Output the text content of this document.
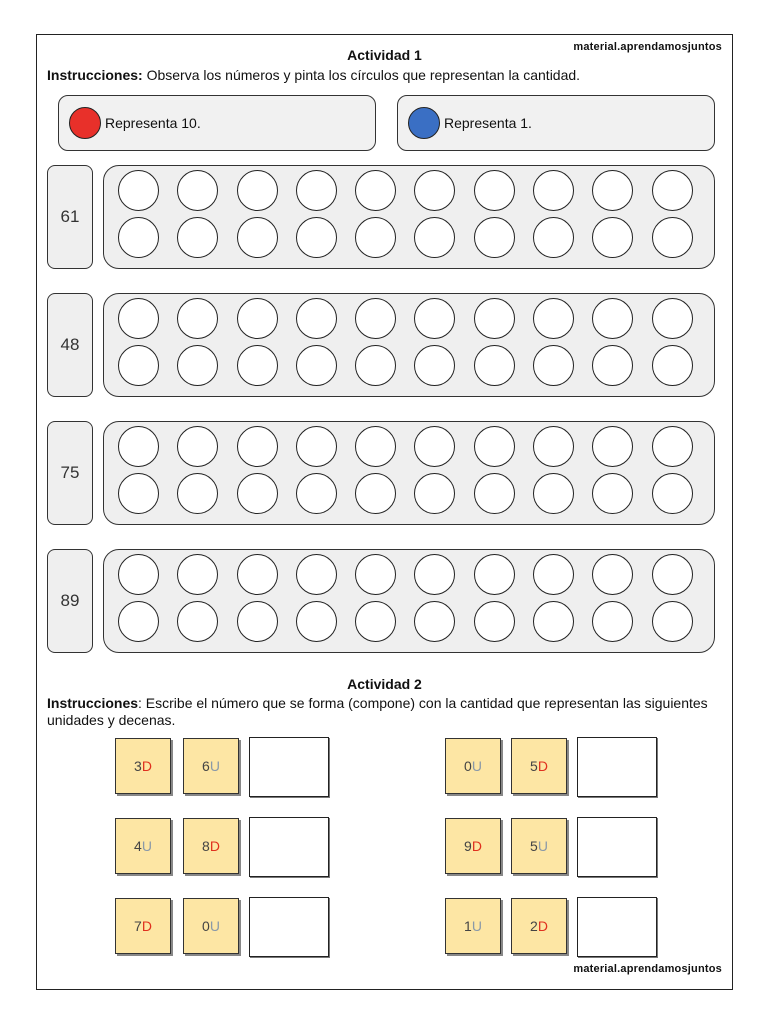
material.aprendamosjuntos
Actividad 1
Instrucciones: Observa los números y pinta los círculos que representan la cantidad.
Representa 10.	Representa 1.
61
48
75
89
Actividad 2
Instrucciones: Escribe el número que se forma (compone) con la cantidad que representan las siguientes unidades y decenas.
3 D	6 U
4 U	8 D
7 D	0 U
0 U	5 D
9 D	5 U
1 U	2 D
material.aprendamosjuntos
